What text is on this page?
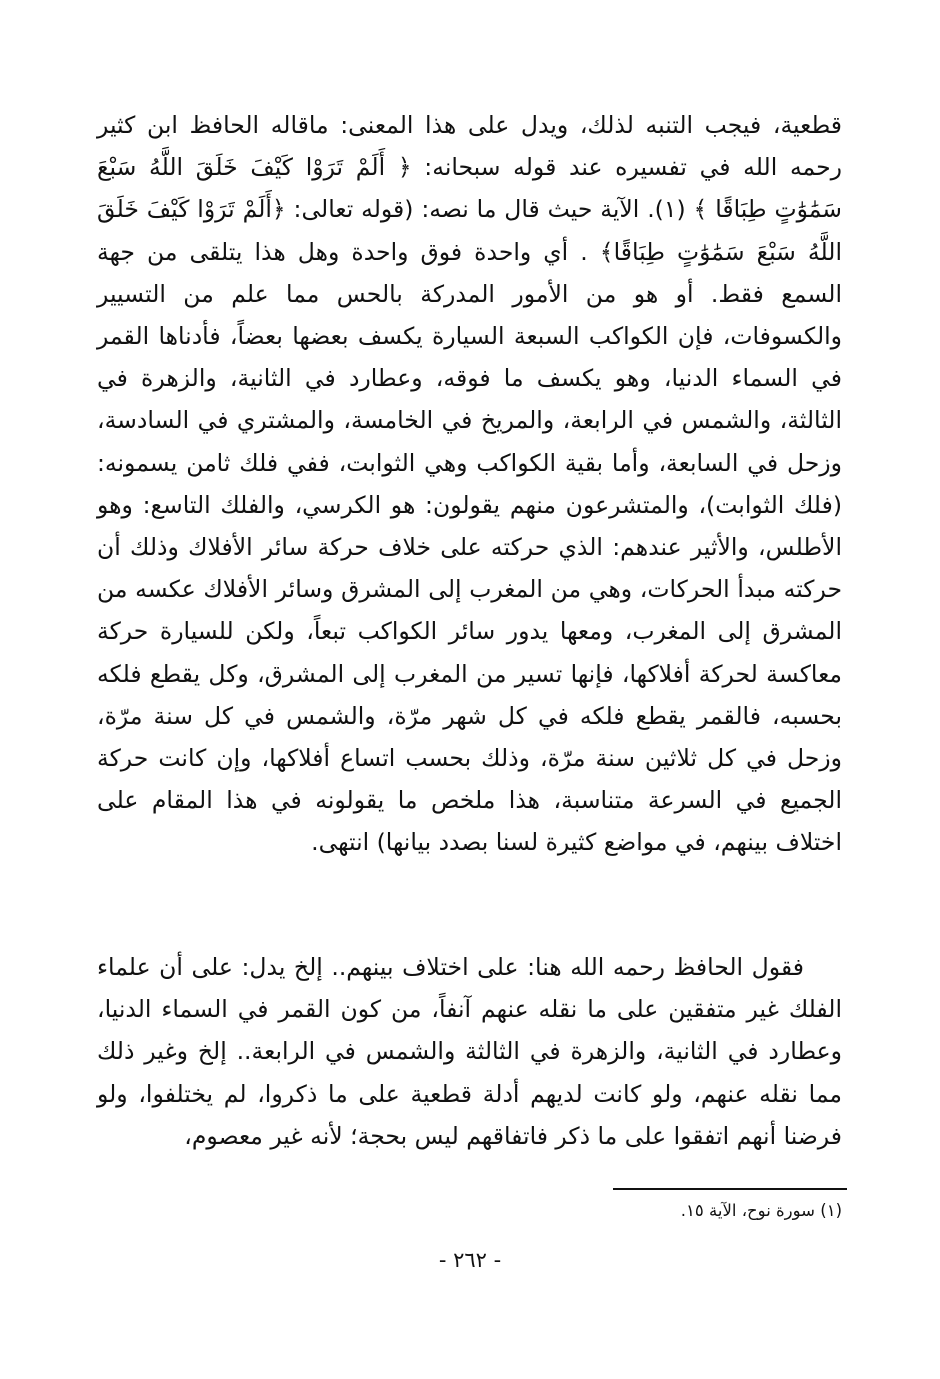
قطعية، فيجب التنبه لذلك، ويدل على هذا المعنى: ماقاله الحافظ ابن كثير رحمه الله في تفسيره عند قوله سبحانه: ﴿ أَلَمْ تَرَوْا كَيْفَ خَلَقَ اللَّهُ سَبْعَ سَمَٰوَٰتٍ طِبَاقًا ﴾ (١). الآية حيث قال ما نصه: (قوله تعالى: ﴿أَلَمْ تَرَوْا كَيْفَ خَلَقَ اللَّهُ سَبْعَ سَمَٰوَٰتٍ طِبَاقًا﴾ . أي واحدة فوق واحدة وهل هذا يتلقى من جهة السمع فقط. أو هو من الأمور المدركة بالحس مما علم من التسيير والكسوفات، فإن الكواكب السبعة السيارة يكسف بعضها بعضاً، فأدناها القمر في السماء الدنيا، وهو يكسف ما فوقه، وعطارد في الثانية، والزهرة في الثالثة، والشمس في الرابعة، والمريخ في الخامسة، والمشتري في السادسة، وزحل في السابعة، وأما بقية الكواكب وهي الثوابت، ففي فلك ثامن يسمونه: (فلك الثوابت)، والمتشرعون منهم يقولون: هو الكرسي، والفلك التاسع: وهو الأطلس، والأثير عندهم: الذي حركته على خلاف حركة سائر الأفلاك وذلك أن حركته مبدأ الحركات، وهي من المغرب إلى المشرق وسائر الأفلاك عكسه من المشرق إلى المغرب، ومعها يدور سائر الكواكب تبعاً، ولكن للسيارة حركة معاكسة لحركة أفلاكها، فإنها تسير من المغرب إلى المشرق، وكل يقطع فلكه بحسبه، فالقمر يقطع فلكه في كل شهر مرّة، والشمس في كل سنة مرّة، وزحل في كل ثلاثين سنة مرّة، وذلك بحسب اتساع أفلاكها، وإن كانت حركة الجميع في السرعة متناسبة، هذا ملخص ما يقولونه في هذا المقام على اختلاف بينهم، في مواضع كثيرة لسنا بصدد بيانها) انتهى.

فقول الحافظ رحمه الله هنا: على اختلاف بينهم.. إلخ يدل: على أن علماء الفلك غير متفقين على ما نقله عنهم آنفاً، من كون القمر في السماء الدنيا، وعطارد في الثانية، والزهرة في الثالثة والشمس في الرابعة.. إلخ وغير ذلك مما نقله عنهم، ولو كانت لديهم أدلة قطعية على ما ذكروا، لم يختلفوا، ولو فرضنا أنهم اتفقوا على ما ذكر فاتفاقهم ليس بحجة؛ لأنه غير معصوم،

(١) سورة نوح، الآية ١٥.

- ٢٦٢ -
